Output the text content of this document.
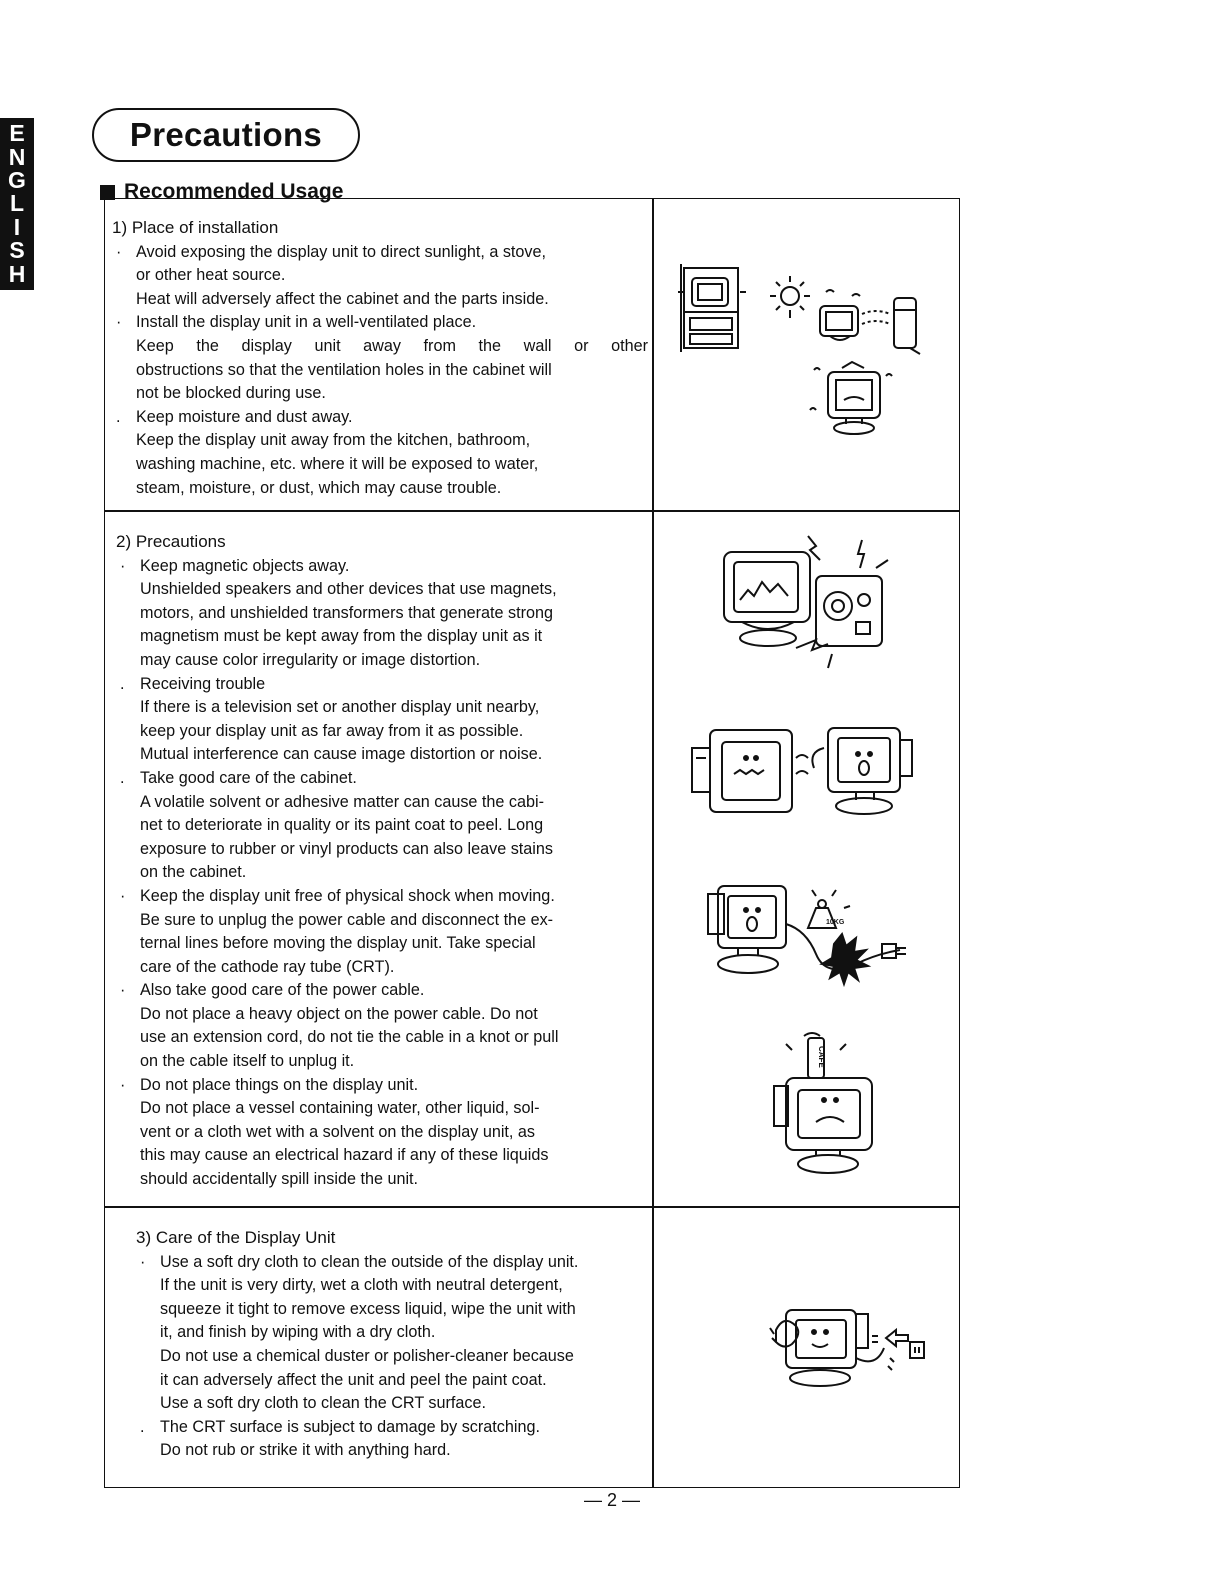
E
N
G
L
I
S
H
Precautions
Recommended Usage

1) Place of installation

· Avoid exposing the display unit to direct sunlight, a stove,

or other heat source.

Heat will adversely affect the cabinet and the parts inside.

· Install the display unit in a well-ventilated place.

Keep the display unit away from the wall or other

obstructions so that the ventilation holes in the cabinet will

not be blocked during use.

. Keep moisture and dust away.

Keep the display unit away from the kitchen, bathroom,

washing machine, etc. where it will be exposed to water,

steam, moisture, or dust, which may cause trouble.

2) Precautions

· Keep magnetic objects away.

Unshielded speakers and other devices that use magnets,

motors, and unshielded transformers that generate strong

magnetism must be kept away from the display unit as it

may cause color irregularity or image distortion.

. Receiving trouble

If there is a television set or another display unit nearby,

keep your display unit as far away from it as possible.

Mutual interference can cause image distortion or noise.

. Take good care of the cabinet.

A volatile solvent or adhesive matter can cause the cabi-

net to deteriorate in quality or its paint coat to peel. Long

exposure to rubber or vinyl products can also leave stains

on the cabinet.

· Keep the display unit free of physical shock when moving.

Be sure to unplug the power cable and disconnect the ex-

ternal lines before moving the display unit. Take special

care of the cathode ray tube (CRT).

· Also take good care of the power cable.

Do not place a heavy object on the power cable. Do not

use an extension cord, do not tie the cable in a knot or pull

on the cable itself to unplug it.

· Do not place things on the display unit.

Do not place a vessel containing water, other liquid, sol-

vent or a cloth wet with a solvent on the display unit, as

this may cause an electrical hazard if any of these liquids

should accidentally spill inside the unit.

3) Care of the Display Unit

· Use a soft dry cloth to clean the outside of the display unit.

If the unit is very dirty, wet a cloth with neutral detergent,

squeeze it tight to remove excess liquid, wipe the unit with

it, and finish by wiping with a dry cloth.

Do not use a chemical duster or polisher-cleaner because

it can adversely affect the unit and peel the paint coat.

Use a soft dry cloth to clean the CRT surface.

. The CRT surface is subject to damage by scratching.

Do not rub or strike it with anything hard.

10KG
CAFE
— 2 —
